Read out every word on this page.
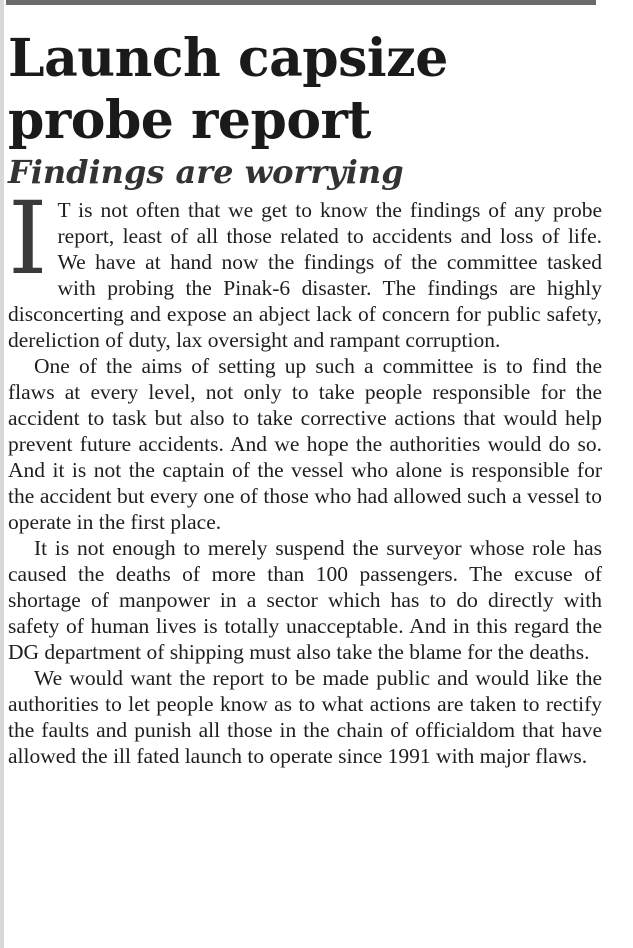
Launch capsize
probe report
Findings are worrying

I T is not often that we get to know the findings of any probe report, least of all those related to accidents and loss of life. We have at hand now the findings of the committee tasked with probing the Pinak-6 disaster. The findings are highly disconcerting and expose an abject lack of concern for public safety, dereliction of duty, lax oversight and rampant corruption.

One of the aims of setting up such a committee is to find the flaws at every level, not only to take people responsible for the accident to task but also to take corrective actions that would help prevent future accidents. And we hope the authorities would do so. And it is not the captain of the vessel who alone is responsible for the accident but every one of those who had allowed such a vessel to operate in the first place.

It is not enough to merely suspend the surveyor whose role has caused the deaths of more than 100 passengers. The excuse of shortage of manpower in a sector which has to do directly with safety of human lives is totally unacceptable. And in this regard the DG department of shipping must also take the blame for the deaths.

We would want the report to be made public and would like the authorities to let people know as to what actions are taken to rectify the faults and punish all those in the chain of officialdom that have allowed the ill fated launch to operate since 1991 with major flaws.
